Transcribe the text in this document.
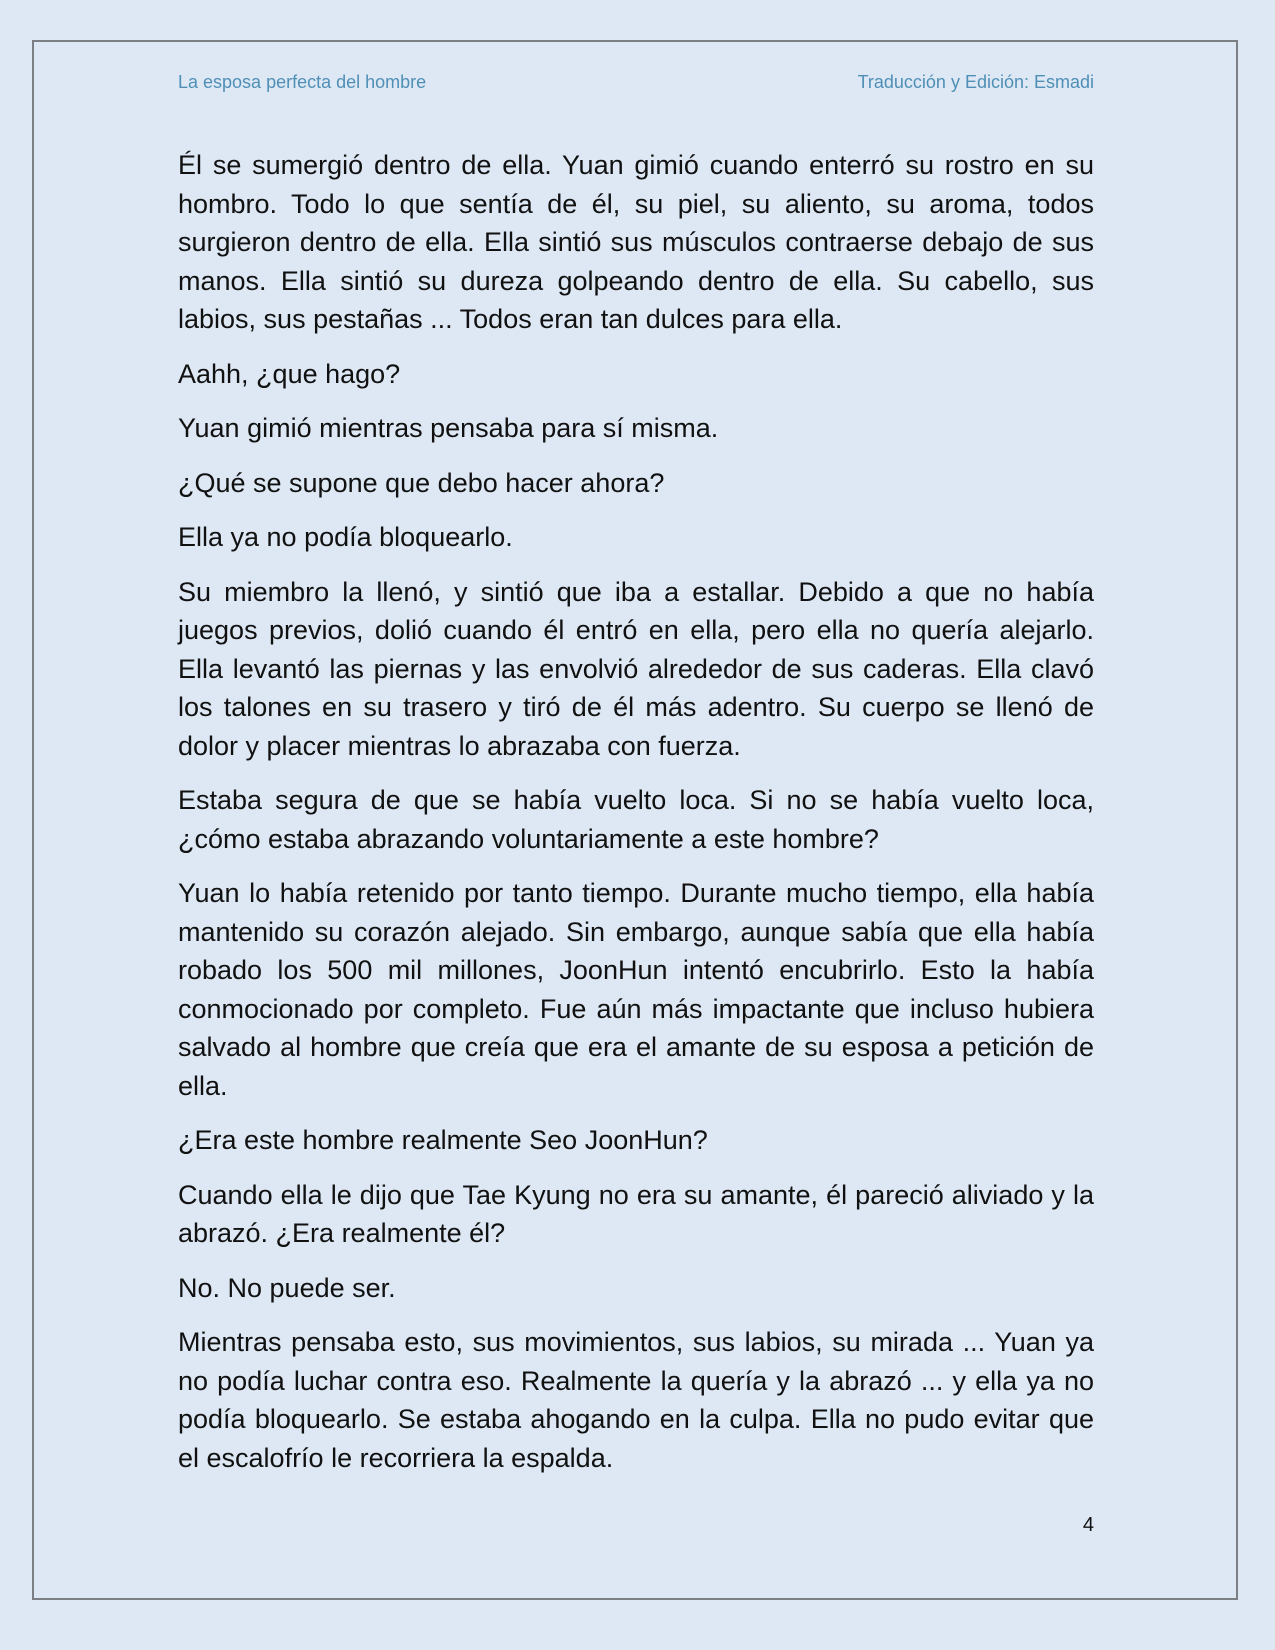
La esposa perfecta del hombre	Traducción y Edición: Esmadi

Él se sumergió dentro de ella. Yuan gimió cuando enterró su rostro en su hombro. Todo lo que sentía de él, su piel, su aliento, su aroma, todos surgieron dentro de ella. Ella sintió sus músculos contraerse debajo de sus manos. Ella sintió su dureza golpeando dentro de ella. Su cabello, sus labios, sus pestañas ... Todos eran tan dulces para ella.

Aahh, ¿que hago?

Yuan gimió mientras pensaba para sí misma.

¿Qué se supone que debo hacer ahora?

Ella ya no podía bloquearlo.

Su miembro la llenó, y sintió que iba a estallar. Debido a que no había juegos previos, dolió cuando él entró en ella, pero ella no quería alejarlo. Ella levantó las piernas y las envolvió alrededor de sus caderas. Ella clavó los talones en su trasero y tiró de él más adentro. Su cuerpo se llenó de dolor y placer mientras lo abrazaba con fuerza.

Estaba segura de que se había vuelto loca. Si no se había vuelto loca, ¿cómo estaba abrazando voluntariamente a este hombre?

Yuan lo había retenido por tanto tiempo. Durante mucho tiempo, ella había mantenido su corazón alejado. Sin embargo, aunque sabía que ella había robado los 500 mil millones, JoonHun intentó encubrirlo. Esto la había conmocionado por completo. Fue aún más impactante que incluso hubiera salvado al hombre que creía que era el amante de su esposa a petición de ella.

¿Era este hombre realmente Seo JoonHun?

Cuando ella le dijo que Tae Kyung no era su amante, él pareció aliviado y la abrazó. ¿Era realmente él?

No. No puede ser.

Mientras pensaba esto, sus movimientos, sus labios, su mirada ... Yuan ya no podía luchar contra eso. Realmente la quería y la abrazó ... y ella ya no podía bloquearlo. Se estaba ahogando en la culpa. Ella no pudo evitar que el escalofrío le recorriera la espalda.

4
